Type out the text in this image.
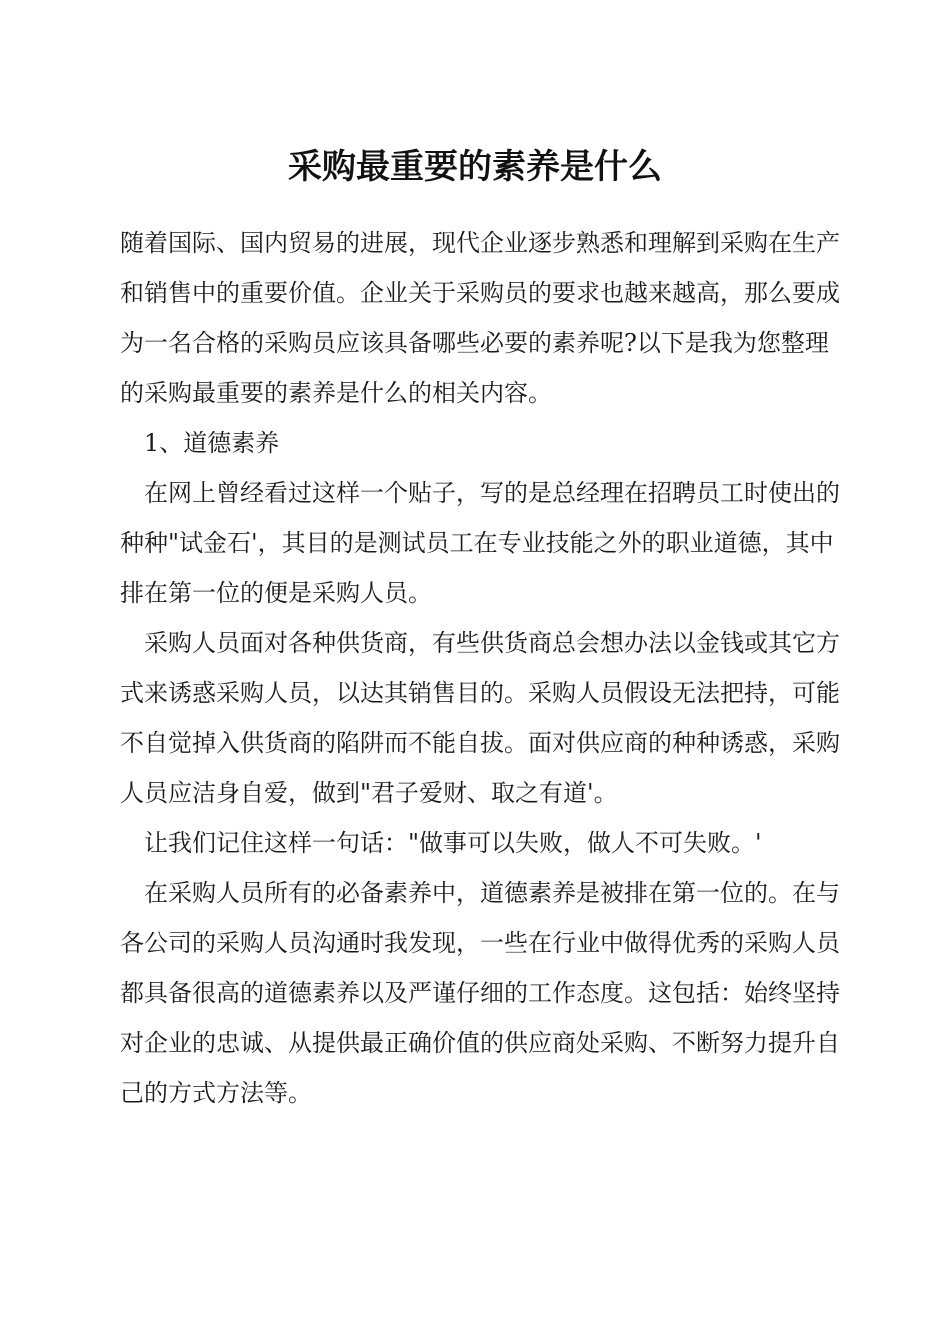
采购最重要的素养是什么

随着国际、国内贸易的进展，现代企业逐步熟悉和理解到采购在生产和销售中的重要价值。企业关于采购员的要求也越来越高，那么要成为一名合格的采购员应该具备哪些必要的素养呢?以下是我为您整理的采购最重要的素养是什么的相关内容。

1、道德素养

在网上曾经看过这样一个贴子，写的是总经理在招聘员工时使出的种种"试金石'，其目的是测试员工在专业技能之外的职业道德，其中排在第一位的便是采购人员。

采购人员面对各种供货商，有些供货商总会想办法以金钱或其它方式来诱惑采购人员，以达其销售目的。采购人员假设无法把持，可能不自觉掉入供货商的陷阱而不能自拔。面对供应商的种种诱惑，采购人员应洁身自爱，做到"君子爱财、取之有道'。

让我们记住这样一句话："做事可以失败，做人不可失败。'

在采购人员所有的必备素养中，道德素养是被排在第一位的。在与各公司的采购人员沟通时我发现，一些在行业中做得优秀的采购人员都具备很高的道德素养以及严谨仔细的工作态度。这包括：始终坚持对企业的忠诚、从提供最正确价值的供应商处采购、不断努力提升自己的方式方法等。
